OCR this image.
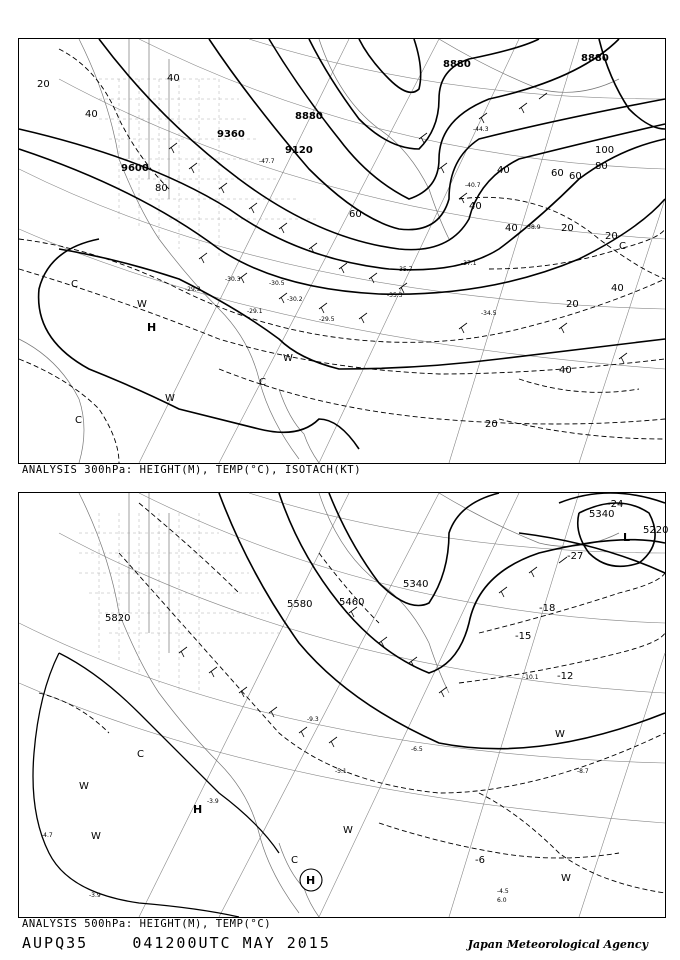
9600
9360
9120
8880
8880
8880
20
40
40
40	60
80
100
20
20
40
40
20
40
80
60
60
40
20
H
C
C
C
W
W
W
C
-30.3
-29.3
-30.5
-29.5
-30.2
-34.5
-35.3
-35.7
-37.1
-40.7
-44.3
-29.1
-47.7
-38.9
ANALYSIS 300hPa: HEIGHT(M), TEMP(°C), ISOTACH(KT)
5820
5580	5460
5340
5340
5220
-24
-27
-18
-15
-12
-6
L
H
H
C
C
W
W
W
W
W
-4.5
6.0
-3.9
-8.7
-4.7
-10.1
-3.9
-6.5
-5.1
-9.3
ANALYSIS 500hPa: HEIGHT(M), TEMP(°C)
AUPQ35	041200UTC MAY 2015	Japan Meteorological Agency
